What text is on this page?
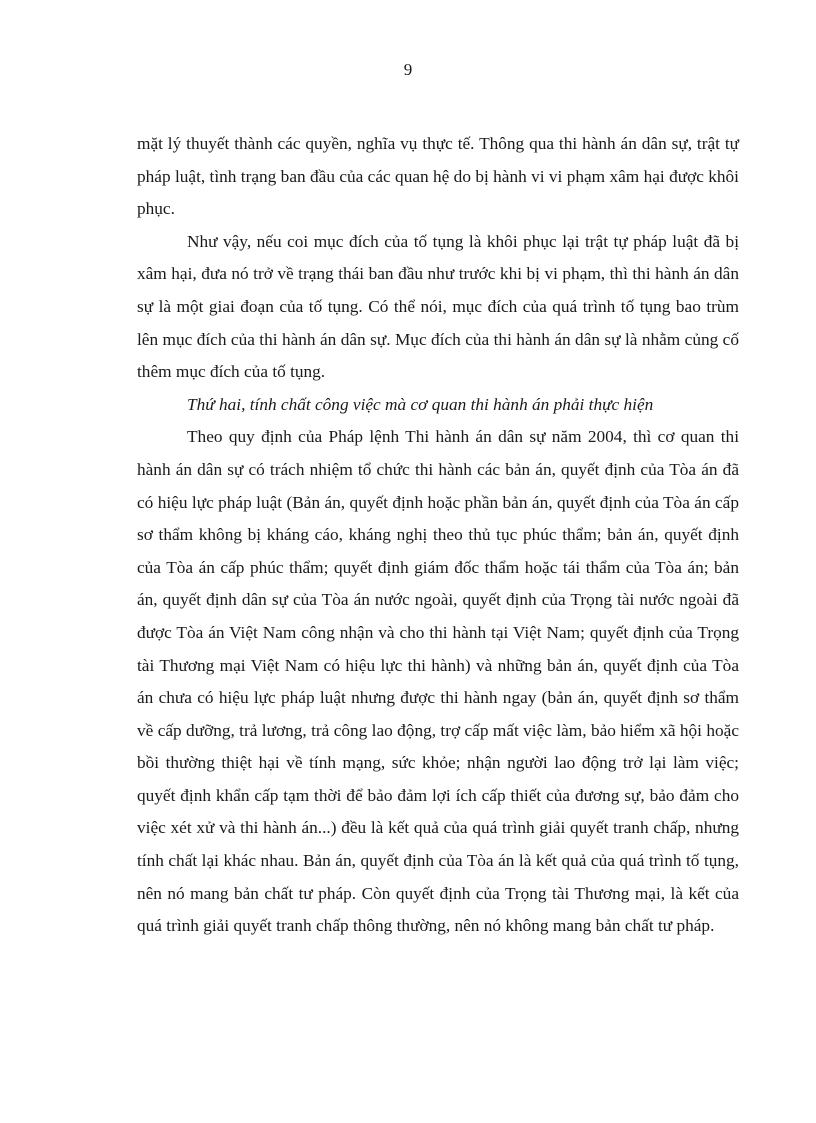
9

mặt lý thuyết thành các quyền, nghĩa vụ thực tế. Thông qua thi hành án dân sự, trật tự pháp luật, tình trạng ban đầu của các quan hệ do bị hành vi vi phạm xâm hại được khôi phục.

Như vậy, nếu coi mục đích của tố tụng là khôi phục lại trật tự pháp luật đã bị xâm hại, đưa nó trở về trạng thái ban đầu như trước khi bị vi phạm, thì thi hành án dân sự là một giai đoạn của tố tụng. Có thể nói, mục đích của quá trình tố tụng bao trùm lên mục đích của thi hành án dân sự. Mục đích của thi hành án dân sự là nhằm củng cố thêm mục đích của tố tụng.

Thứ hai, tính chất công việc mà cơ quan thi hành án phải thực hiện

Theo quy định của Pháp lệnh Thi hành án dân sự năm 2004, thì cơ quan thi hành án dân sự có trách nhiệm tổ chức thi hành các bản án, quyết định của Tòa án đã có hiệu lực pháp luật (Bản án, quyết định hoặc phần bản án, quyết định của Tòa án cấp sơ thẩm không bị kháng cáo, kháng nghị theo thủ tục phúc thẩm; bản án, quyết định của Tòa án cấp phúc thẩm; quyết định giám đốc thẩm hoặc tái thẩm của Tòa án; bản án, quyết định dân sự của Tòa án nước ngoài, quyết định của Trọng tài nước ngoài đã được Tòa án Việt Nam công nhận và cho thi hành tại Việt Nam; quyết định của Trọng tài Thương mại Việt Nam có hiệu lực thi hành) và những bản án, quyết định của Tòa án chưa có hiệu lực pháp luật nhưng được thi hành ngay (bản án, quyết định sơ thẩm về cấp dưỡng, trả lương, trả công lao động, trợ cấp mất việc làm, bảo hiểm xã hội hoặc bồi thường thiệt hại về tính mạng, sức khỏe; nhận người lao động trở lại làm việc; quyết định khẩn cấp tạm thời để bảo đảm lợi ích cấp thiết của đương sự, bảo đảm cho việc xét xử và thi hành án...) đều là kết quả của quá trình giải quyết tranh chấp, nhưng tính chất lại khác nhau. Bản án, quyết định của Tòa án là kết quả của quá trình tố tụng, nên nó mang bản chất tư pháp. Còn quyết định của Trọng tài Thương mại, là kết của quá trình giải quyết tranh chấp thông thường, nên nó không mang bản chất tư pháp.
